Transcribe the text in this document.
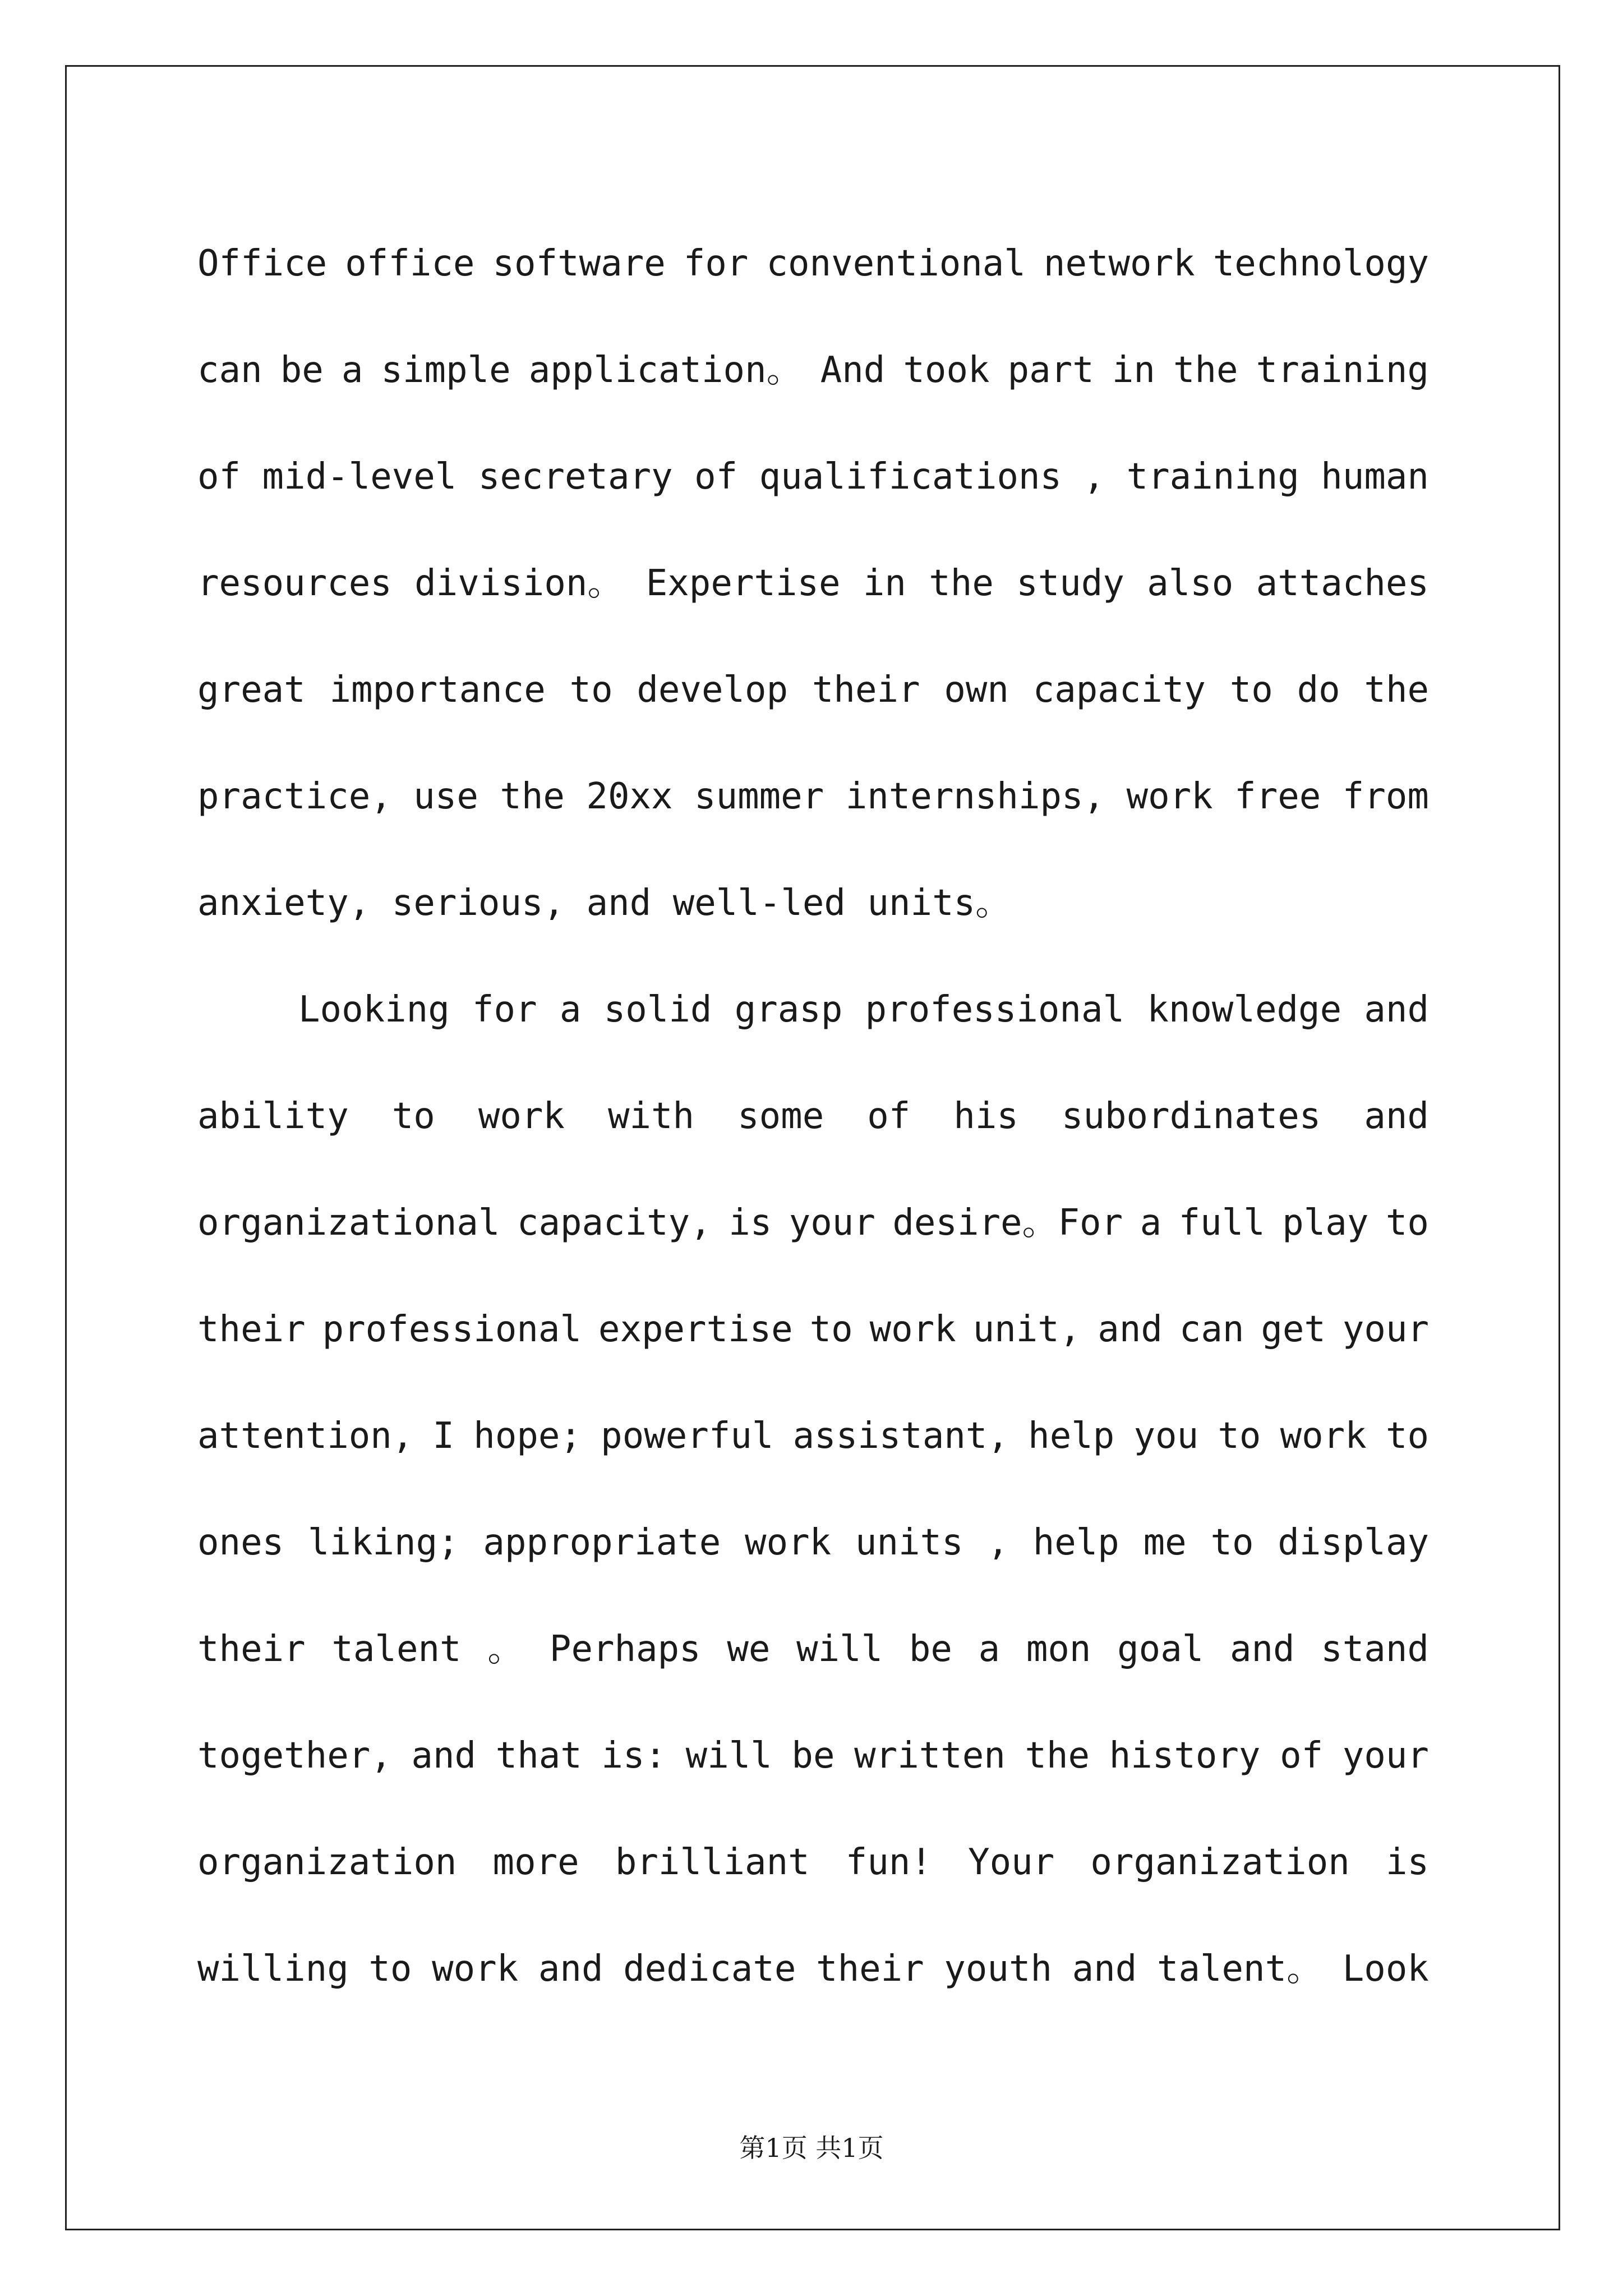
Office office software for conventional network technology
can be a simple application。 And took part in the training
of mid-level secretary of qualifications , training human
resources division。 Expertise in the study also attaches
great importance to develop their own capacity to do the
practice, use the 20xx summer internships, work free from
anxiety, serious, and well-led units。
Looking for a solid grasp professional knowledge and
ability to work with some of his subordinates and
organizational capacity, is your desire。For a full play to
their professional expertise to work unit, and can get your
attention, I hope; powerful assistant, help you to work to
ones liking; appropriate work units , help me to display
their talent 。 Perhaps we will be a mon goal and stand
together, and that is: will be written the history of your
organization more brilliant fun! Your organization is
willing to work and dedicate their youth and talent。 Look
第1页 共1页
